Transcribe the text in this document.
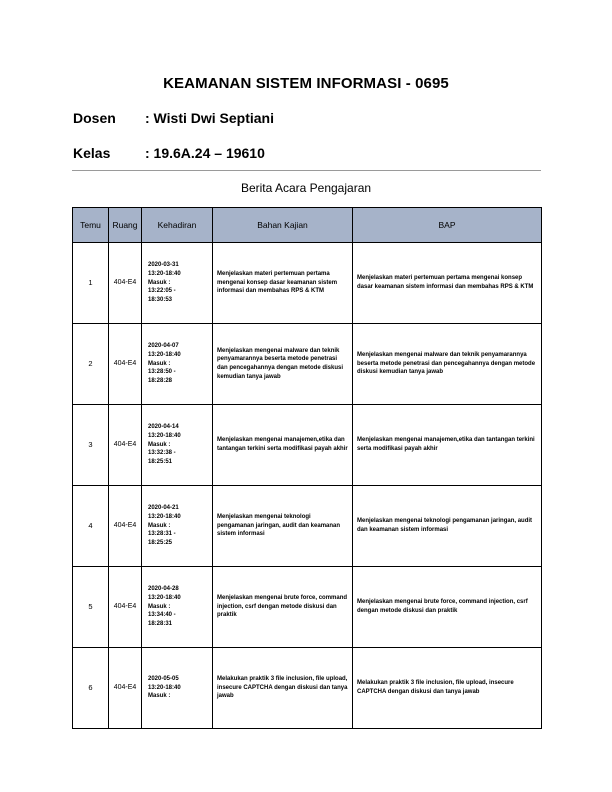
KEAMANAN SISTEM INFORMASI - 0695
Dosen : Wisti Dwi Septiani
Kelas : 19.6A.24 – 19610
Berita Acara Pengajaran
Temu	Ruang	Kehadiran	Bahan Kajian	BAP
1	404-E4	2020-03-31
13:20-18:40
Masuk :
13:22:05 -
18:30:53	Menjelaskan materi pertemuan pertama mengenai konsep dasar keamanan sistem informasi dan membahas RPS & KTM	Menjelaskan materi pertemuan pertama mengenai konsep dasar keamanan sistem informasi dan membahas RPS & KTM
2	404-E4	2020-04-07
13:20-18:40
Masuk :
13:28:50 -
18:28:28	Menjelaskan mengenai malware dan teknik penyamarannya beserta metode penetrasi dan pencegahannya dengan metode diskusi kemudian tanya jawab	Menjelaskan mengenai malware dan teknik penyamarannya beserta metode penetrasi dan pencegahannya dengan metode diskusi kemudian tanya jawab
3	404-E4	2020-04-14
13:20-18:40
Masuk :
13:32:38 -
18:25:51	Menjelaskan mengenai manajemen,etika dan tantangan terkini serta modifikasi payah akhir	Menjelaskan mengenai manajemen,etika dan tantangan terkini serta modifikasi payah akhir
4	404-E4	2020-04-21
13:20-18:40
Masuk :
13:28:31 -
18:25:25	Menjelaskan mengenai teknologi pengamanan jaringan, audit dan keamanan sistem informasi	Menjelaskan mengenai teknologi pengamanan jaringan, audit dan keamanan sistem informasi
5	404-E4	2020-04-28
13:20-18:40
Masuk :
13:34:40 -
18:28:31	Menjelaskan mengenai brute force, command injection, csrf dengan metode diskusi dan praktik	Menjelaskan mengenai brute force, command injection, csrf dengan metode diskusi dan praktik
6	404-E4	2020-05-05
13:20-18:40
Masuk :	Melakukan praktik 3 file inclusion, file upload, insecure CAPTCHA dengan diskusi dan tanya jawab	Melakukan praktik 3 file inclusion, file upload, insecure CAPTCHA dengan diskusi dan tanya jawab
